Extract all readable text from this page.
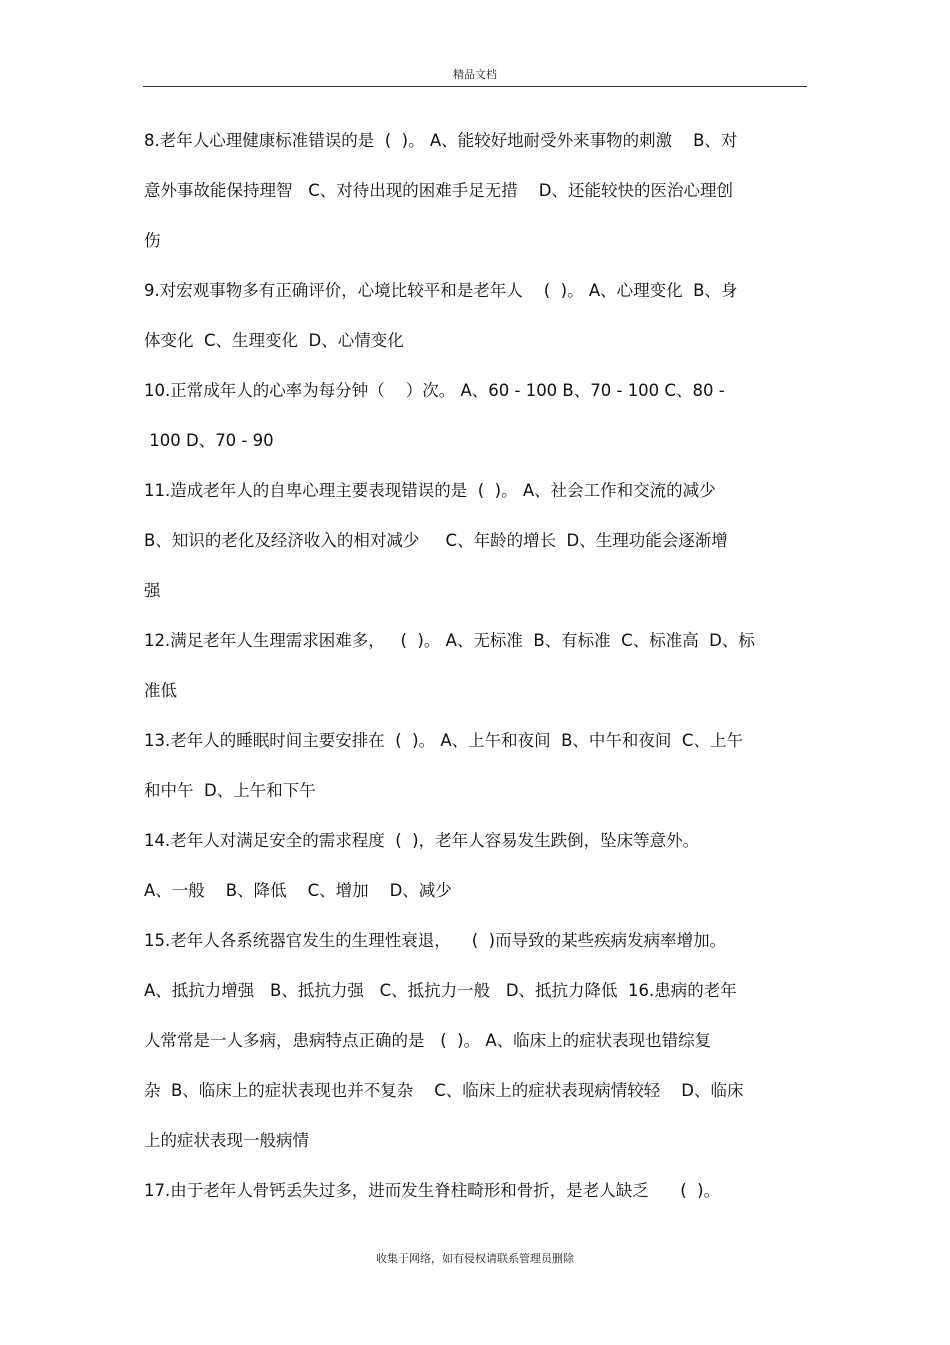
精品文档
8.老年人心理健康标准错误的是  (  )。 A、能较好地耐受外来事物的刺激    B、对
意外事故能保持理智   C、对待出现的困难手足无措    D、还能较快的医治心理创
伤
9.对宏观事物多有正确评价，心境比较平和是老年人    (  )。 A、心理变化  B、身
体变化  C、生理变化  D、心情变化
10.正常成年人的心率为每分钟（    ）次。 A、60 - 100 B、70 - 100 C、80 -
100 D、70 - 90
11.造成老年人的自卑心理主要表现错误的是  (  )。 A、社会工作和交流的减少
B、知识的老化及经济收入的相对减少     C、年龄的增长  D、生理功能会逐渐增
强
12.满足老年人生理需求困难多，   (  )。 A、无标准  B、有标准  C、标准高  D、标
准低
13.老年人的睡眠时间主要安排在  (  )。 A、上午和夜间  B、中午和夜间  C、上午
和中午  D、上午和下午
14.老年人对满足安全的需求程度  (  )，老年人容易发生跌倒，坠床等意外。
A、一般    B、降低    C、增加    D、减少
15.老年人各系统器官发生的生理性衰退，    (  )而导致的某些疾病发病率增加。
A、抵抗力增强   B、抵抗力强   C、抵抗力一般   D、抵抗力降低  16.患病的老年
人常常是一人多病，患病特点正确的是   (  )。 A、临床上的症状表现也错综复
杂  B、临床上的症状表现也并不复杂    C、临床上的症状表现病情较轻    D、临床
上的症状表现一般病情
17.由于老年人骨钙丢失过多，进而发生脊柱畸形和骨折，是老人缺乏      (  )。
收集于网络，如有侵权请联系管理员删除
